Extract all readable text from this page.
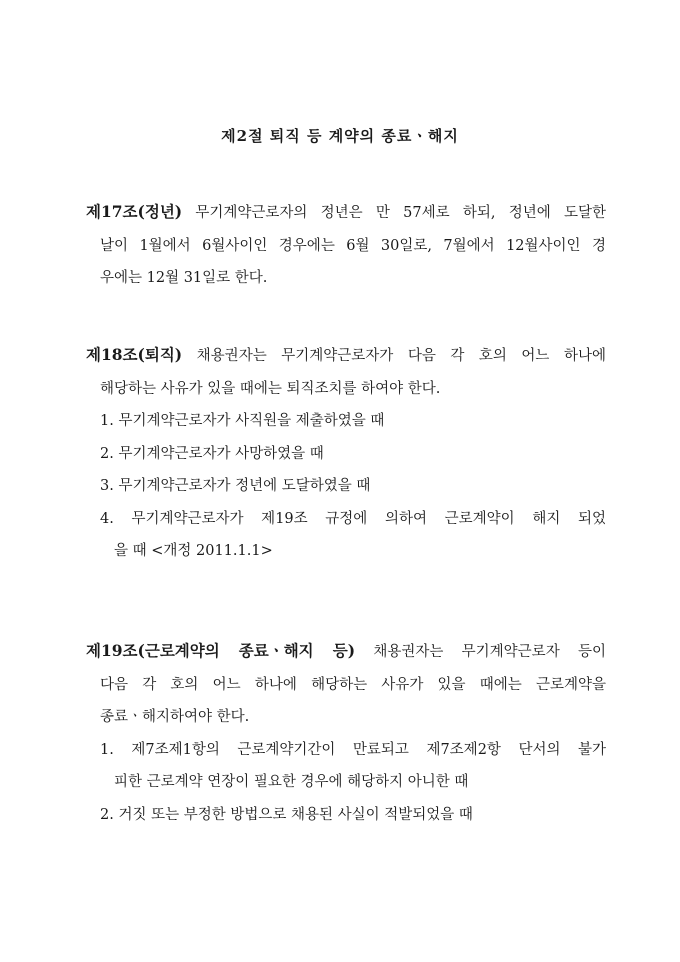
제2절 퇴직 등 계약의 종료ㆍ해지
제17조(정년) 무기계약근로자의 정년은 만 57세로 하되, 정년에 도달한
날이 1월에서 6월사이인 경우에는 6월 30일로, 7월에서 12월사이인 경
우에는 12월 31일로 한다.
제18조(퇴직) 채용권자는 무기계약근로자가 다음 각 호의 어느 하나에
해당하는 사유가 있을 때에는 퇴직조치를 하여야 한다.
1. 무기계약근로자가 사직원을 제출하였을 때
2. 무기계약근로자가 사망하였을 때
3. 무기계약근로자가 정년에 도달하였을 때
4. 무기계약근로자가 제19조 규정에 의하여 근로계약이 해지 되었
을 때 <개정 2011.1.1>
제19조(근로계약의 종료ㆍ해지 등) 채용권자는 무기계약근로자 등이
다음 각 호의 어느 하나에 해당하는 사유가 있을 때에는 근로계약을
종료ㆍ해지하여야 한다.
1. 제7조제1항의 근로계약기간이 만료되고 제7조제2항 단서의 불가
피한 근로계약 연장이 필요한 경우에 해당하지 아니한 때
2. 거짓 또는 부정한 방법으로 채용된 사실이 적발되었을 때
